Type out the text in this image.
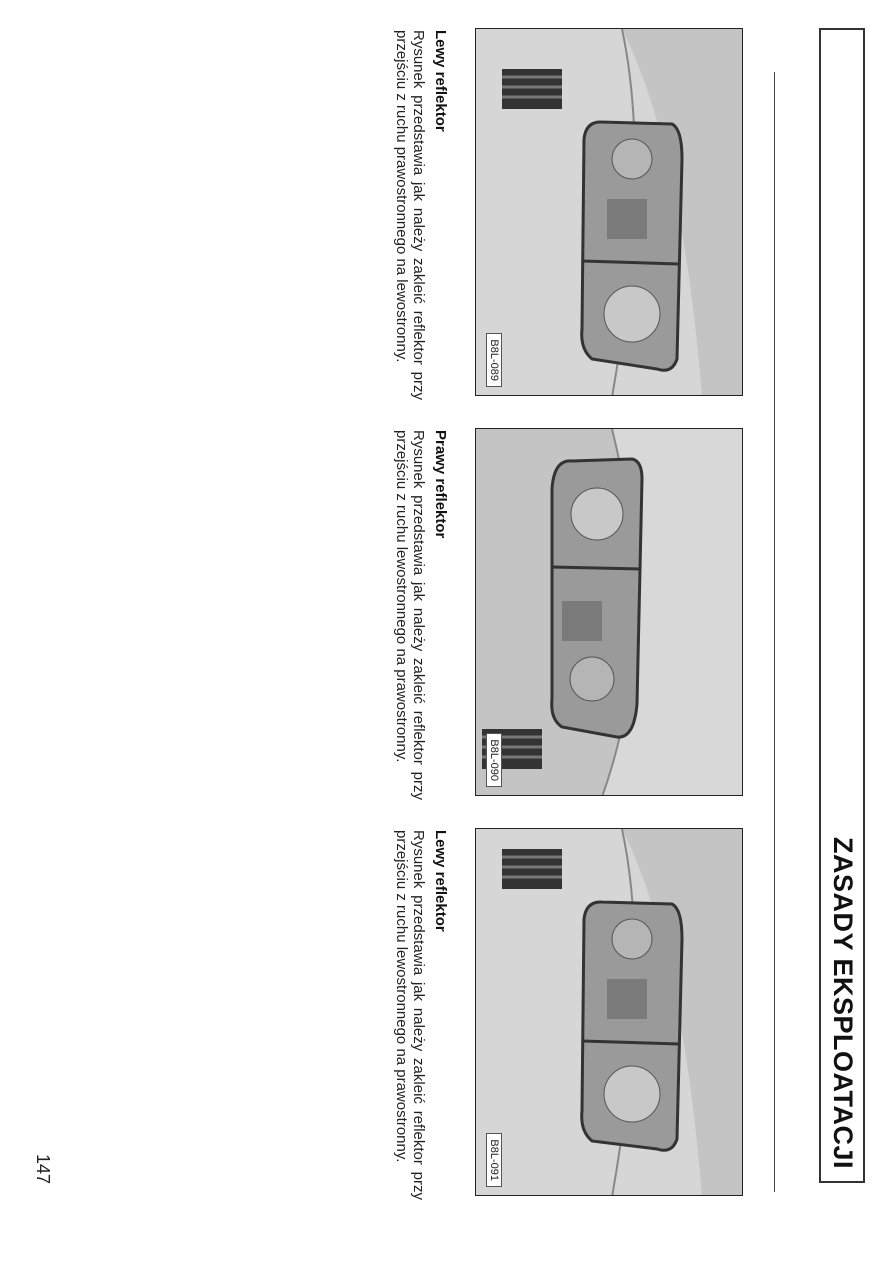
ZASADY EKSPLOATACJI
B8L-089

Lewy reflektor

Rysunek przedstawia jak należy zakleić reflektor przy przejściu z ruchu prawostronnego na lewostronny.

B8L-090

Prawy reflektor

Rysunek przedstawia jak należy zakleić reflektor przy przejściu z ruchu lewostronnego na prawostronny.

B8L-091

Lewy reflektor

Rysunek przedstawia jak należy zakleić reflektor przy przejściu z ruchu lewostronnego na prawostronny.

147
